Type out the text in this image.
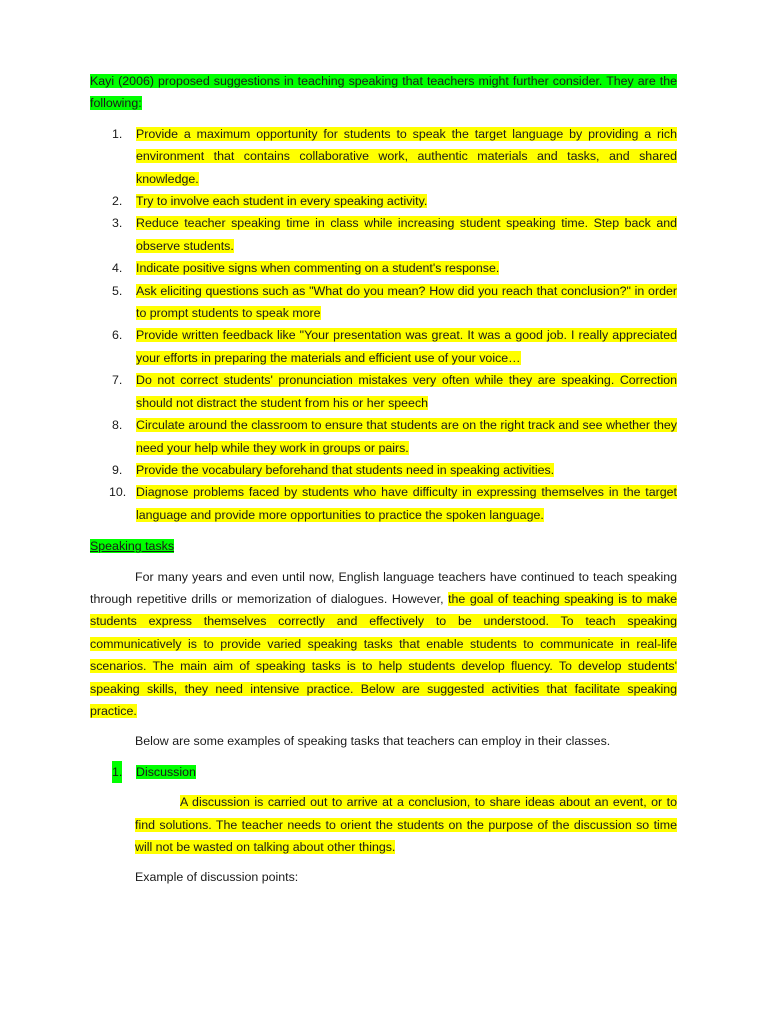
Kayi (2006) proposed suggestions in teaching speaking that teachers might further consider. They are the following:

1.	Provide a maximum opportunity for students to speak the target language by providing a rich environment that contains collaborative work, authentic materials and tasks, and shared knowledge.
2.	Try to involve each student in every speaking activity.
3.	Reduce teacher speaking time in class while increasing student speaking time. Step back and observe students.
4.	Indicate positive signs when commenting on a student's response.
5.	Ask eliciting questions such as "What do you mean? How did you reach that conclusion?" in order to prompt students to speak more
6.	Provide written feedback like "Your presentation was great. It was a good job. I really appreciated your efforts in preparing the materials and efficient use of your voice…
7.	Do not correct students' pronunciation mistakes very often while they are speaking. Correction should not distract the student from his or her speech
8.	Circulate around the classroom to ensure that students are on the right track and see whether they need your help while they work in groups or pairs.
9.	Provide the vocabulary beforehand that students need in speaking activities.
10. Diagnose problems faced by students who have difficulty in expressing themselves in the target language and provide more opportunities to practice the spoken language.
Speaking tasks

For many years and even until now, English language teachers have continued to teach speaking through repetitive drills or memorization of dialogues. However, the goal of teaching speaking is to make students express themselves correctly and effectively to be understood. To teach speaking communicatively is to provide varied speaking tasks that enable students to communicate in real-life scenarios. The main aim of speaking tasks is to help students develop fluency. To develop students' speaking skills, they need intensive practice. Below are suggested activities that facilitate speaking practice.

Below are some examples of speaking tasks that teachers can employ in their classes.
1. Discussion

A discussion is carried out to arrive at a conclusion, to share ideas about an event, or to find solutions. The teacher needs to orient the students on the purpose of the discussion so time will not be wasted on talking about other things.

Example of discussion points:
